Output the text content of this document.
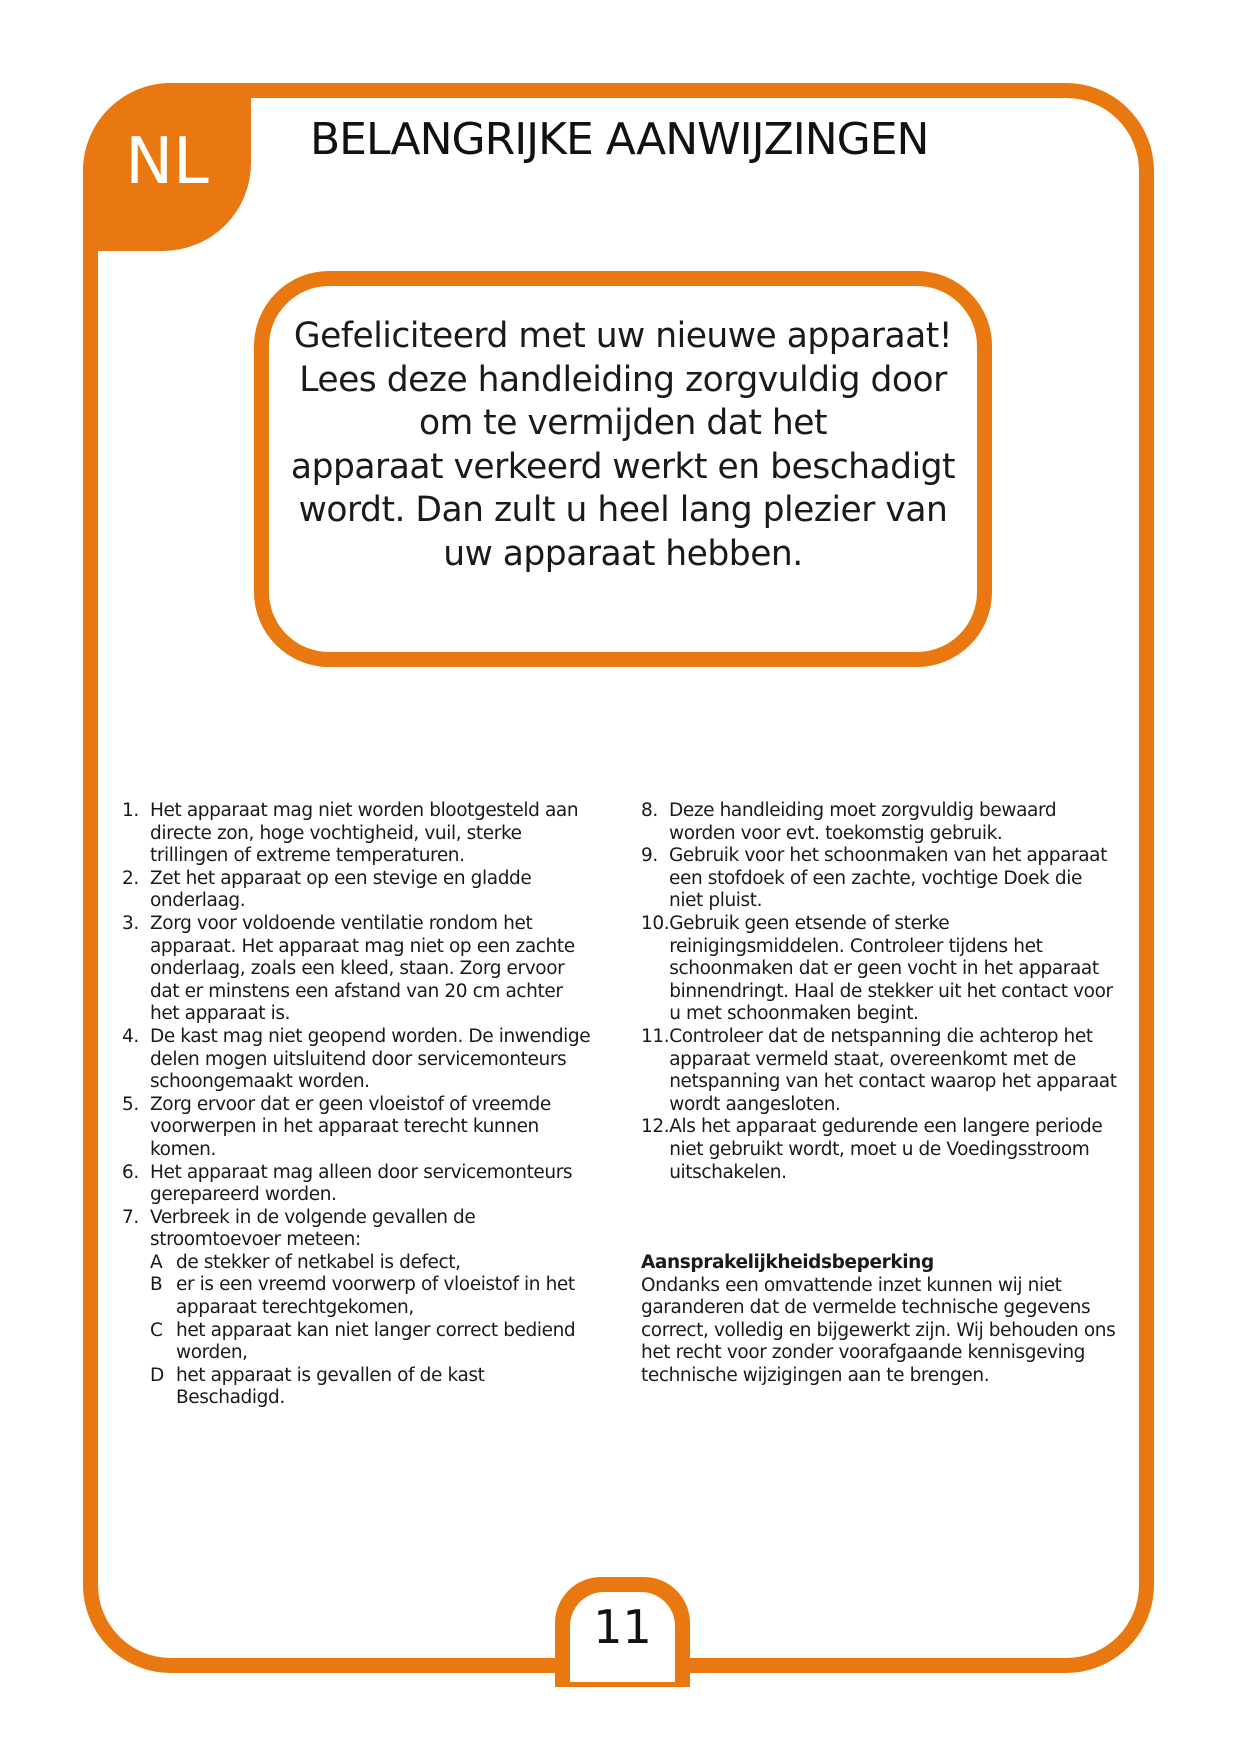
NL	BELANGRIJKE AANWIJZINGEN
Gefeliciteerd met uw nieuwe apparaat!
Lees deze handleiding zorgvuldig door
om te vermijden dat het
apparaat verkeerd werkt en beschadigt
wordt. Dan zult u heel lang plezier van
uw apparaat hebben.
1. Het apparaat mag niet worden blootgesteld aan directe zon, hoge vochtigheid, vuil, sterke trillingen of extreme temperaturen.
2. Zet het apparaat op een stevige en gladde onderlaag.
3. Zorg voor voldoende ventilatie rondom het apparaat. Het apparaat mag niet op een zachte onderlaag, zoals een kleed, staan. Zorg ervoor dat er minstens een afstand van 20 cm achter het apparaat is.
4. De kast mag niet geopend worden. De inwendige delen mogen uitsluitend door servicemonteurs schoongemaakt worden.
5. Zorg ervoor dat er geen vloeistof of vreemde voorwerpen in het apparaat terecht kunnen komen.
6. Het apparaat mag alleen door servicemonteurs gerepareerd worden.
7. Verbreek in de volgende gevallen de stroomtoevoer meteen:
A de stekker of netkabel is defect,
B er is een vreemd voorwerp of vloeistof in het apparaat terechtgekomen,
C het apparaat kan niet langer correct bediend worden,
D het apparaat is gevallen of de kast Beschadigd.
8. Deze handleiding moet zorgvuldig bewaard worden voor evt. toekomstig gebruik.
9. Gebruik voor het schoonmaken van het apparaat een stofdoek of een zachte, vochtige Doek die niet pluist.
10. Gebruik geen etsende of sterke reinigingsmiddelen. Controleer tijdens het schoonmaken dat er geen vocht in het apparaat binnendringt. Haal de stekker uit het contact voor u met schoonmaken begint.
11. Controleer dat de netspanning die achterop het apparaat vermeld staat, overeenkomt met de netspanning van het contact waarop het apparaat wordt aangesloten.
12. Als het apparaat gedurende een langere periode niet gebruikt wordt, moet u de Voedingsstroom uitschakelen.
Aansprakelijkheidsbeperking
Ondanks een omvattende inzet kunnen wij niet garanderen dat de vermelde technische gegevens correct, volledig en bijgewerkt zijn. Wij behouden ons het recht voor zonder voorafgaande kennisgeving technische wijzigingen aan te brengen.
11
